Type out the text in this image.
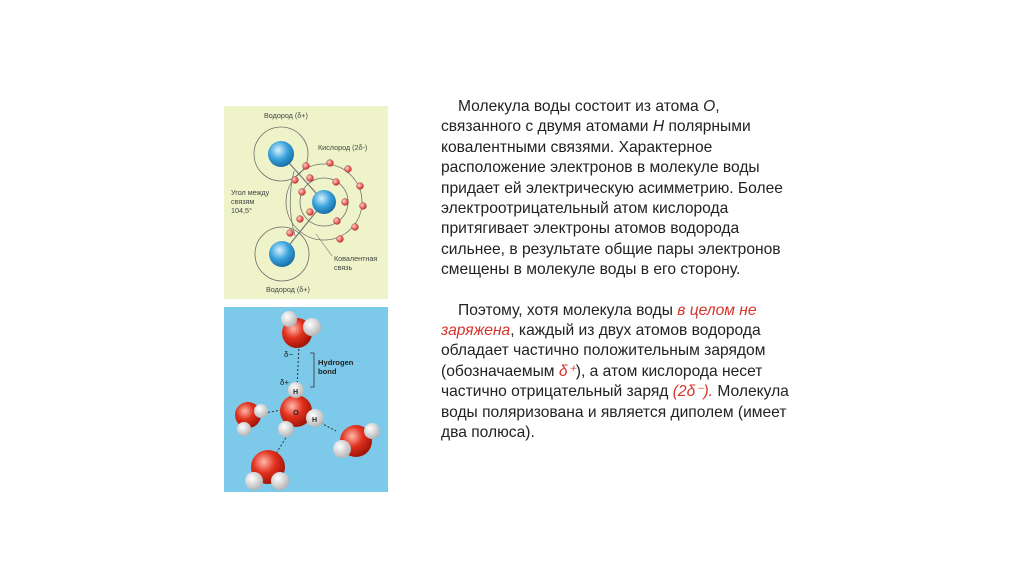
Водород (δ+)
Кислород (2δ-)
Угол между
связям
104,5°
Ковалентная
связь
Водород (δ+)
δ−
δ+
Hydrogen
bond
O
H
H

Молекула воды состоит из атома О, связанного с двумя атомами Н полярными ковалентными связями. Характерное расположение электронов в молекуле воды придает ей электрическую асимметрию. Более электроотрицательный атом кислорода притягивает электроны атомов водорода сильнее, в результате общие пары электронов смещены в молекуле воды в его сторону.

Поэтому, хотя молекула воды в целом не заряжена, каждый из двух атомов водорода обладает частично положительным зарядом (обозначаемым δ⁺), а атом кислорода несет частично отрицательный заряд (2δ⁻). Молекула воды поляризована и является диполем (имеет два полюса).
